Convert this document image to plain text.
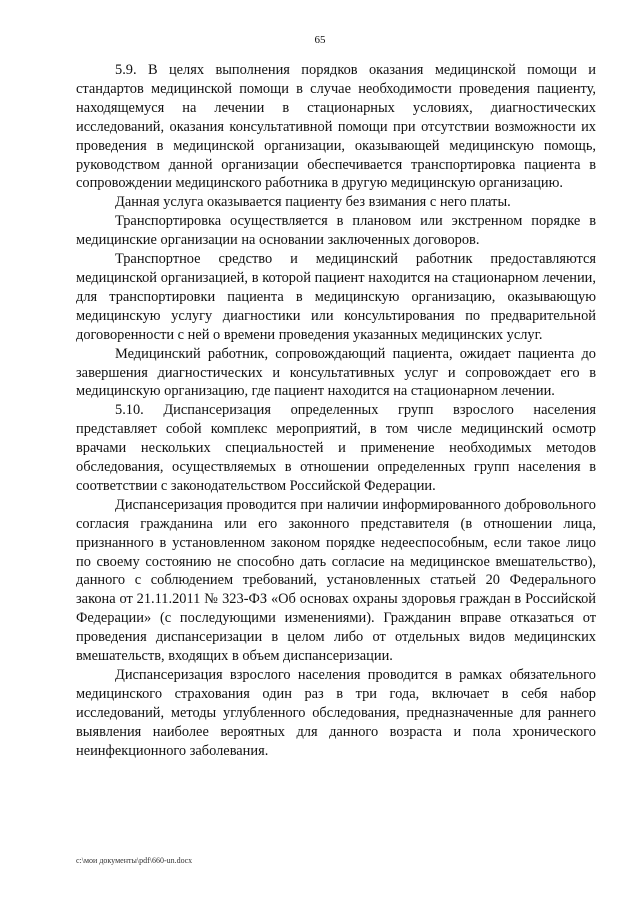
65

5.9. В целях выполнения порядков оказания медицинской помощи и стандартов медицинской помощи в случае необходимости проведения пациенту, находящемуся на лечении в стационарных условиях, диагностических исследований, оказания консультативной помощи при отсутствии возможности их проведения в медицинской организации, оказывающей медицинскую помощь, руководством данной организации обеспечивается транспортировка пациента в сопровождении медицинского работника в другую медицинскую организацию.

Данная услуга оказывается пациенту без взимания с него платы.

Транспортировка осуществляется в плановом или экстренном порядке в медицинские организации на основании заключенных договоров.

Транспортное средство и медицинский работник предоставляются медицинской организацией, в которой пациент находится на стационарном лечении, для транспортировки пациента в медицинскую организацию, оказывающую медицинскую услугу диагностики или консультирования по предварительной договоренности с ней о времени проведения указанных медицинских услуг.

Медицинский работник, сопровождающий пациента, ожидает пациента до завершения диагностических и консультативных услуг и сопровождает его в медицинскую организацию, где пациент находится на стационарном лечении.

5.10. Диспансеризация определенных групп взрослого населения представляет собой комплекс мероприятий, в том числе медицинский осмотр врачами нескольких специальностей и применение необходимых методов обследования, осуществляемых в отношении определенных групп населения в соответствии с законодательством Российской Федерации.

Диспансеризация проводится при наличии информированного добровольного согласия гражданина или его законного представителя (в отношении лица, признанного в установленном законом порядке недееспособным, если такое лицо по своему состоянию не способно дать согласие на медицинское вмешательство), данного с соблюдением требований, установленных статьей 20 Федерального закона от 21.11.2011 № 323-ФЗ «Об основах охраны здоровья граждан в Российской Федерации» (с последующими изменениями). Гражданин вправе отказаться от проведения диспансеризации в целом либо от отдельных видов медицинских вмешательств, входящих в объем диспансеризации.

Диспансеризация взрослого населения проводится в рамках обязательного медицинского страхования один раз в три года, включает в себя набор исследований, методы углубленного обследования, предназначенные для раннего выявления наиболее вероятных для данного возраста и пола хронического неинфекционного заболевания.

c:\мои документы\pdf\660-un.docx
